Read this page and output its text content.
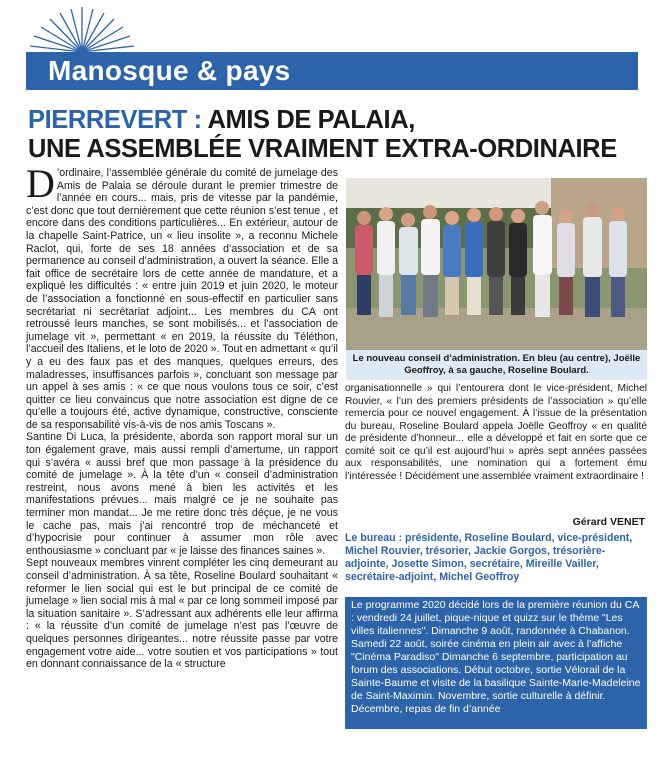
Manosque & pays
PIERREVERT : AMIS DE PALAIA,
UNE ASSEMBLÉE VRAIMENT EXTRA-ORDINAIRE

D ’ordinaire, l’assemblée générale du comité de jumelage des Amis de Palaia se déroule durant le premier trimestre de l’année en cours... mais, pris de vitesse par la pandémie, c’est donc que tout dernièrement que cette réunion s’est tenue , et encore dans des conditions particulières... En extérieur, autour de la chapelle Saint-Patrice, un « lieu insolite », a reconnu Michele Raclot, qui, forte de ses 18 années d’association et de sa permanence au conseil d’administration, a ouvert la séance. Elle a fait office de secrétaire lors de cette année de mandature, et a expliqué les difficultés : « entre juin 2019 et juin 2020, le moteur de l’association a fonctionné en sous-effectif en particulier sans secrétariat ni secrétariat adjoint... Les membres du CA ont retroussé leurs manches, se sont mobilisés... et l’association de jumelage vit », permettant « en 2019, la réussite du Téléthon, l’accueil des Italiens, et le loto de 2020 ». Tout en admettant « qu’il y a eu des faux pas et des manques, quelques erreurs, des maladresses, insuffisances parfois », concluant son message par un appel à ses amis : « ce que nous voulons tous ce soir, c’est quitter ce lieu convaincus que notre association est digne de ce qu’elle a toujours été, active dynamique, constructive, consciente de sa responsabilité vis-à-vis de nos amis Toscans ».

Santine Di Luca, la présidente, aborda son rapport moral sur un ton également grave, mais aussi rempli d’amertume, un rapport qui s’avéra « aussi bref que mon passage à la présidence du comité de jumelage ». À la tête d’un « conseil d’administration restreint, nous avons mené à bien les activités et les manifestations prévues... mais malgré ce je ne souhaite pas terminer mon mandat... Je me retire donc très déçue, je ne vous le cache pas, mais j’ai rencontré trop de méchanceté et d’hypocrisie pour continuer à assumer mon rôle avec enthousiasme » concluant par « je laisse des finances saines ».

Sept nouveaux membres vinrent compléter les cinq demeurant au conseil d’administration. À sa tête, Roseline Boulard souhaitant « reformer le lien social qui est le but principal de ce comité de jumelage » lien social mis à mal « par ce long sommeil imposé par la situation sanitaire ». S’adressant aux adhérents elle leur affirma : « la réussite d’un comité de jumelage n’est pas l’œuvre de quelques personnes dirigeantes... notre réussite passe par votre engagement votre aide... votre soutien et vos participations » tout en donnant connaissance de la « structure

Le nouveau conseil d’administration. En bleu (au centre), Joëlle Geoffroy, à sa gauche, Roseline Boulard.

organisationnelle » qui l’entourera dont le vice-président, Michel Rouvier, « l’un des premiers présidents de l’association » qu’elle remercia pour ce nouvel engagement. À l’issue de la présentation du bureau, Roseline Boulard appela Joëlle Geoffroy « en qualité de présidente d’honneur... elle a développé et fait en sorte que ce comité soit ce qu’il est aujourd’hui » après sept années passées aux responsabilités, une nomination qui a fortement ému l’intéressée ! Décidément une assemblée vraiment extraordinaire !

Gérard VENET
Le bureau : présidente, Roseline Boulard, vice-président, Michel Rouvier, trésorier, Jackie Gorgos, trésorière-adjointe, Josette Simon, secrétaire, Mireille Vailler, secrétaire-adjoint, Michel Geoffroy
Le programme 2020 décidé lors de la première réunion du CA : vendredi 24 juillet, pique-nique et quizz sur le thème "Les villes italiennes". Dimanche 9 août, randonnée à Chabanon. Samedi 22 août, soirée cinéma en plein air avec à l’affiche "Cinéma Paradiso" Dimanche 6 septembre, participation au forum des associations. Début octobre, sortie Vélorail de la Sainte-Baume et visite de la basilique Sainte-Marie-Madeleine de Saint-Maximin. Novembre, sortie culturelle à définir. Décembre, repas de fin d’année
